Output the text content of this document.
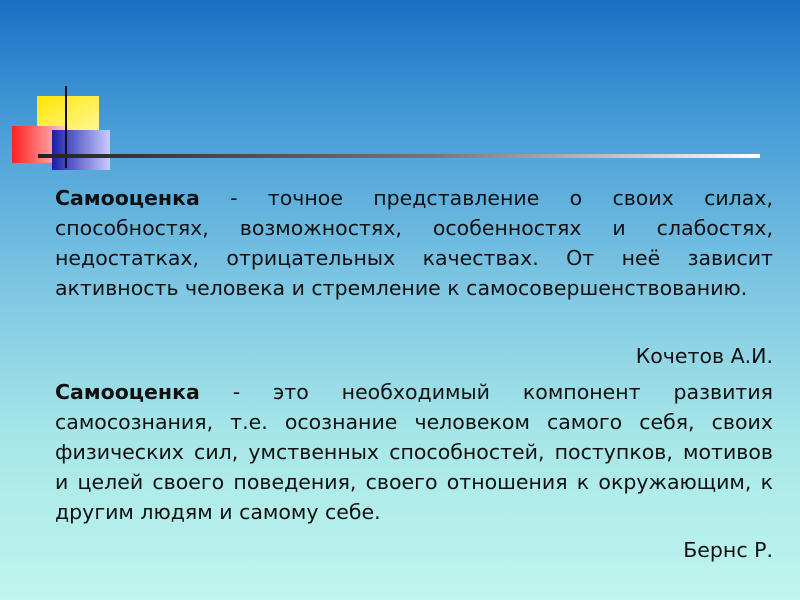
Самооценка - точное представление о своих силах, способностях, возможностях, особенностях и слабостях, недостатках, отрицательных качествах. От неё зависит активность человека и стремление к самосовершенствованию.

Кочетов А.И.

Самооценка - это необходимый компонент развития самосознания, т.е. осознание человеком самого себя, своих физических сил, умственных способностей, поступков, мотивов и целей своего поведения, своего отношения к окружающим, к другим людям и самому себе.

Бернс Р.
